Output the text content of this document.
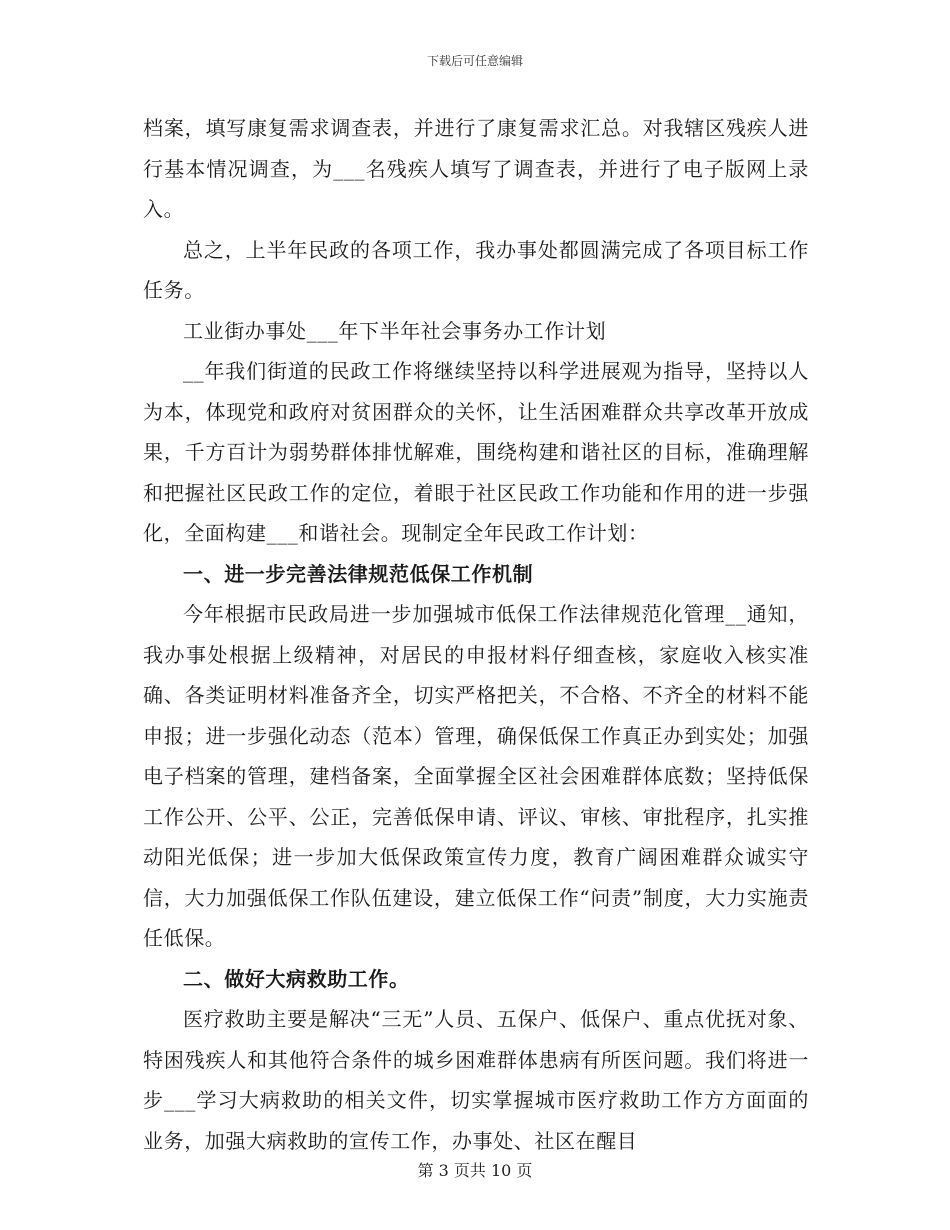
下载后可任意编辑

档案，填写康复需求调查表，并进行了康复需求汇总。对我辖区残疾人进行基本情况调查，为___名残疾人填写了调查表，并进行了电子版网上录入。

总之，上半年民政的各项工作，我办事处都圆满完成了各项目标工作任务。

工业街办事处___年下半年社会事务办工作计划

__年我们街道的民政工作将继续坚持以科学进展观为指导，坚持以人为本，体现党和政府对贫困群众的关怀，让生活困难群众共享改革开放成果，千方百计为弱势群体排忧解难，围绕构建和谐社区的目标，准确理解和把握社区民政工作的定位，着眼于社区民政工作功能和作用的进一步强化，全面构建___和谐社会。现制定全年民政工作计划：

一、进一步完善法律规范低保工作机制

今年根据市民政局进一步加强城市低保工作法律规范化管理__通知，我办事处根据上级精神，对居民的申报材料仔细查核，家庭收入核实准确、各类证明材料准备齐全，切实严格把关，不合格、不齐全的材料不能申报；进一步强化动态（范本）管理，确保低保工作真正办到实处；加强电子档案的管理，建档备案，全面掌握全区社会困难群体底数；坚持低保工作公开、公平、公正，完善低保申请、评议、审核、审批程序，扎实推动阳光低保；进一步加大低保政策宣传力度，教育广阔困难群众诚实守信，大力加强低保工作队伍建设，建立低保工作“问责”制度，大力实施责任低保。

二、做好大病救助工作。

医疗救助主要是解决“三无”人员、五保户、低保户、重点优抚对象、特困残疾人和其他符合条件的城乡困难群体患病有所医问题。我们将进一步___学习大病救助的相关文件，切实掌握城市医疗救助工作方方面面的业务，加强大病救助的宣传工作，办事处、社区在醒目

第 3 页共 10 页
